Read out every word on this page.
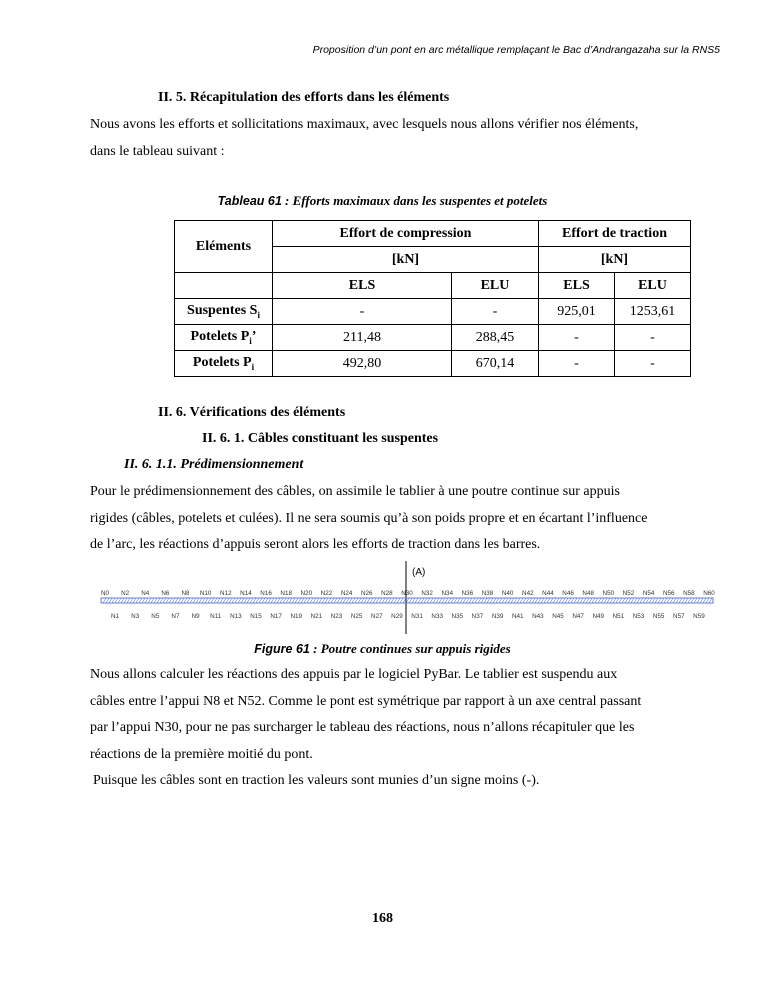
Proposition d’un pont en arc métallique remplaçant le Bac d’Andrangazaha sur la RNS5
II. 5. Récapitulation des efforts dans les éléments
Nous avons les efforts et sollicitations maximaux, avec lesquels nous allons vérifier nos éléments,
dans le tableau suivant :
Tableau 61 : Efforts maximaux dans les suspentes et potelets
Eléments	Effort de compression		Effort de traction	
	[kN]		[kN]	
	ELS	ELU	ELS	ELU
Suspentes $S_i$	-	-	925,01	1253,61
Potelets $P_i$’	211,48	288,45	-	-
Potelets $P_i$	492,80	670,14	-	-
II. 6. Vérifications des éléments
II. 6. 1. Câbles constituant les suspentes
II. 6. 1.1. Prédimensionnement
Pour le prédimensionnement des câbles, on assimile le tablier à une poutre continue sur appuis
rigides (câbles, potelets et culées). Il ne sera soumis qu’à son poids propre et en écartant l’influence
de l’arc, les réactions d’appuis seront alors les efforts de traction dans les barres.
(A)
N0 N2 N4 N6 N8 N10 N12 N14 N16 N18 N20 N22 N24 N26 N28 N30 N32 N34 N36 N38 N40 N42 N44 N46 N48 N50 N52 N54 N56 N58 N60
N1 N3 N5 N7 N9 N11 N13 N15 N17 N19 N21 N23 N25 N27 N29 N31 N33 N35 N37 N39 N41 N43 N45 N47 N49 N51 N53 N55 N57 N59
Figure 61 : Poutre continues sur appuis rigides
Nous allons calculer les réactions des appuis par le logiciel PyBar. Le tablier est suspendu aux
câbles entre l’appui N8 et N52. Comme le pont est symétrique par rapport à un axe central passant
par l’appui N30, pour ne pas surcharger le tableau des réactions, nous n’allons récapituler que les
réactions de la première moitié du pont.
Puisque les câbles sont en traction les valeurs sont munies d’un signe moins (-).
168
